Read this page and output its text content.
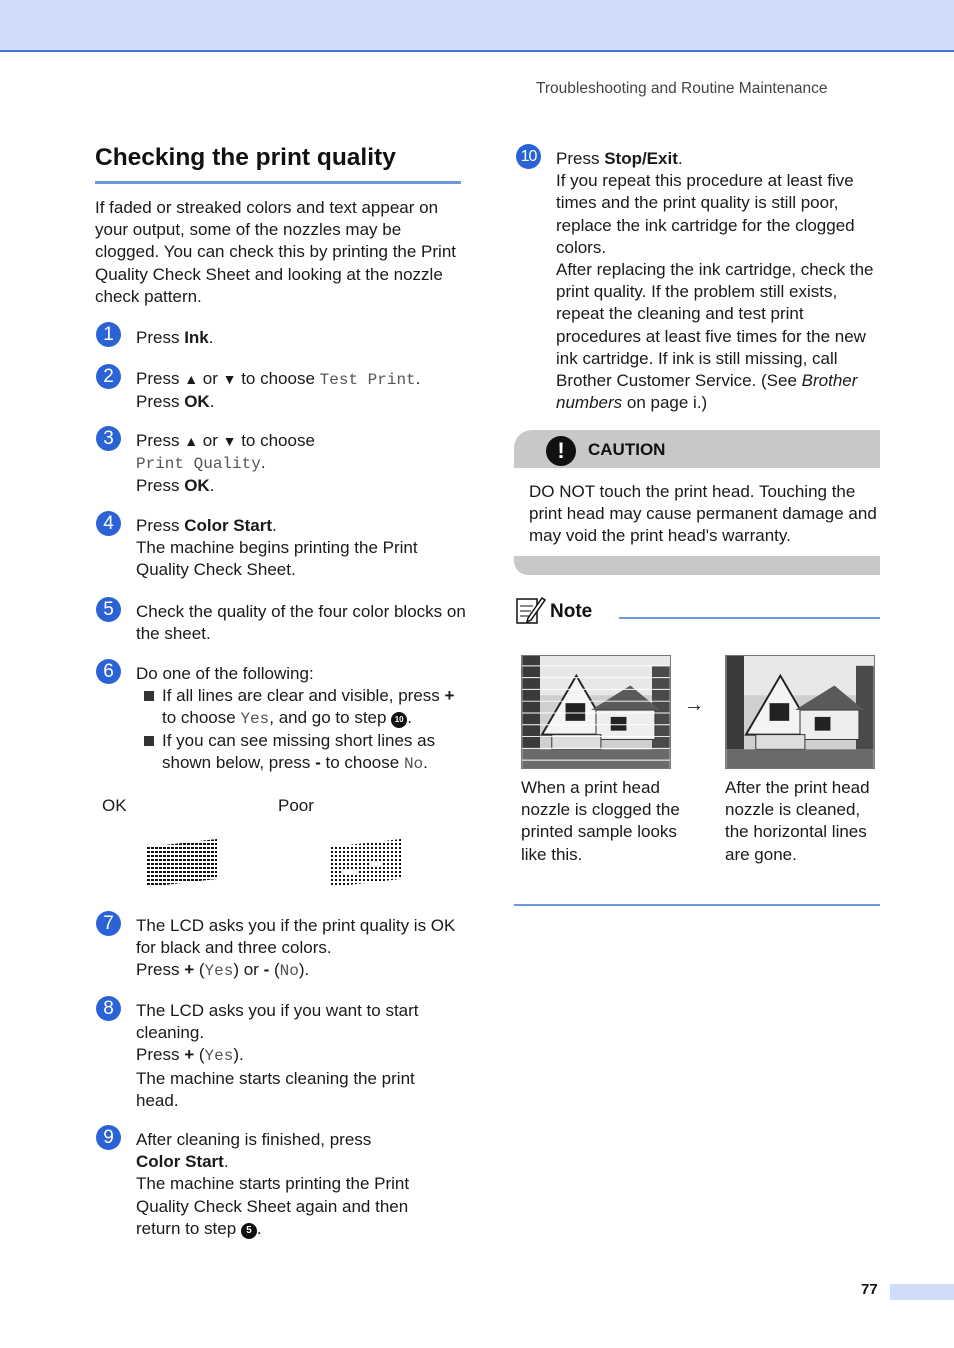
Troubleshooting and Routine Maintenance
Checking the print quality
If faded or streaked colors and text appear on your output, some of the nozzles may be clogged. You can check this by printing the Print Quality Check Sheet and looking at the nozzle check pattern.
1	Press Ink.
2	Press ▲ or ▼ to choose Test Print.
Press OK.
3	Press ▲ or ▼ to choose
Print Quality.
Press OK.
4	Press Color Start.
The machine begins printing the Print Quality Check Sheet.
5	Check the quality of the four color blocks on the sheet.
6	Do one of the following:
If all lines are clear and visible, press + to choose Yes, and go to step 10 .
If you can see missing short lines as shown below, press - to choose No.
OK	Poor
7	The LCD asks you if the print quality is OK for black and three colors.
Press + (Yes) or - (No).
8	The LCD asks you if you want to start cleaning.
Press + (Yes).
The machine starts cleaning the print head.
9	After cleaning is finished, press
Color Start.
The machine starts printing the Print Quality Check Sheet again and then return to step 5 .
10 Press Stop/Exit.
If you repeat this procedure at least five times and the print quality is still poor, replace the ink cartridge for the clogged colors.
After replacing the ink cartridge, check the print quality. If the problem still exists, repeat the cleaning and test print procedures at least five times for the new ink cartridge. If ink is still missing, call Brother Customer Service. (See Brother numbers on page i.)
!	CAUTION
DO NOT touch the print head. Touching the print head may cause permanent damage and may void the print head's warranty.
Note
→
When a print head nozzle is clogged the printed sample looks like this.
After the print head nozzle is cleaned, the horizontal lines are gone.
77
